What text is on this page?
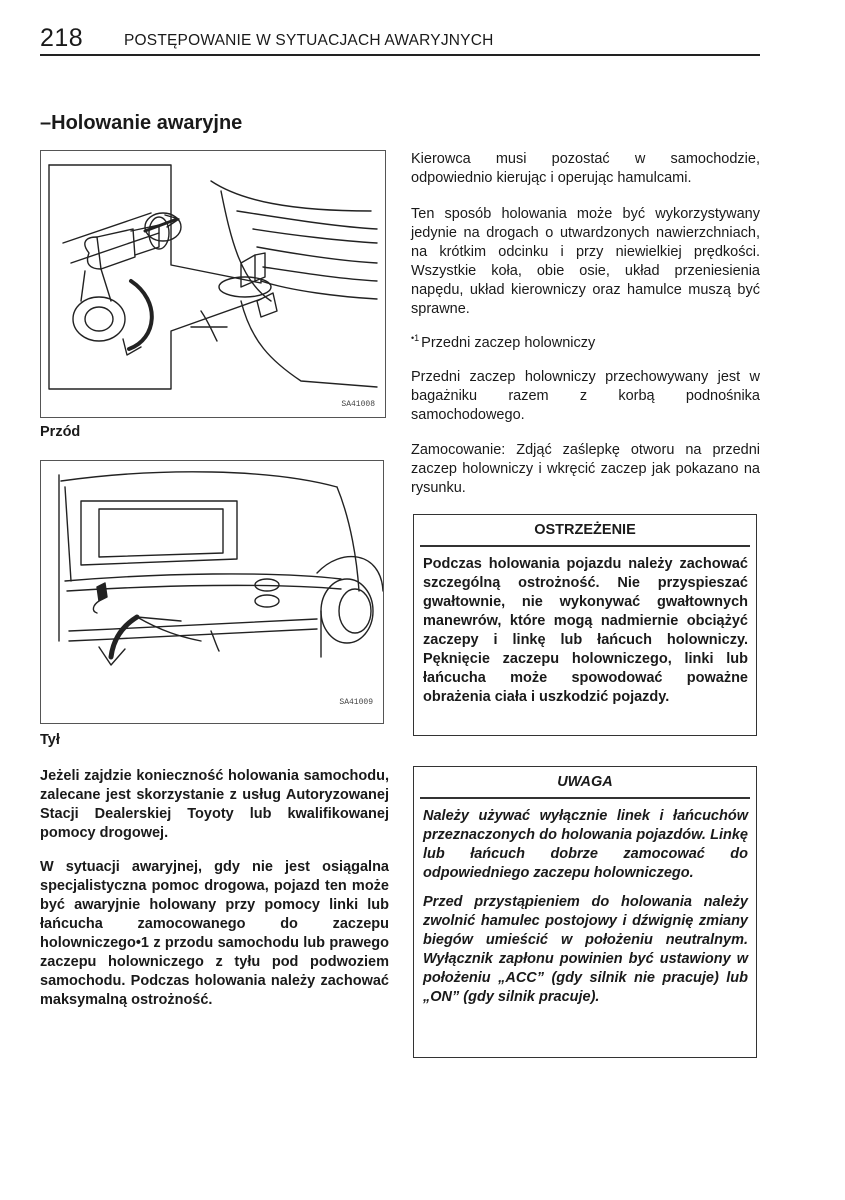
218	POSTĘPOWANIE W SYTUACJACH AWARYJNYCH
–Holowanie awaryjne
SA41008
Przód
SA41009
Tył

Jeżeli zajdzie konieczność holowania samochodu, zalecane jest skorzystanie z usług Autoryzowanej Stacji Dealerskiej Toyoty lub kwalifikowanej pomocy drogowej.

W sytuacji awaryjnej, gdy nie jest osiągalna specjalistyczna pomoc drogowa, pojazd ten może być awaryjnie holowany przy pomocy linki lub łańcucha zamocowanego do zaczepu holowniczego•1 z przodu samochodu lub prawego zaczepu holowniczego z tyłu pod podwoziem samochodu. Podczas holowania należy zachować maksymalną ostrożność.

Kierowca musi pozostać w samochodzie, odpowiednio kierując i operując hamulcami.

Ten sposób holowania może być wykorzystywany jedynie na drogach o utwardzonych nawierzchniach, na krótkim odcinku i przy niewielkiej prędkości. Wszystkie koła, obie osie, układ przeniesienia napędu, układ kierowniczy oraz hamulce muszą być sprawne.

$^{•1}$ Przedni zaczep holowniczy

Przedni zaczep holowniczy przechowywany jest w bagażniku razem z korbą podnośnika samochodowego.

Zamocowanie: Zdjąć zaślepkę otworu na przedni zaczep holowniczy i wkręcić zaczep jak pokazano na rysunku.

OSTRZEŻENIE

Podczas holowania pojazdu należy zachować szczególną ostrożność. Nie przyspieszać gwałtownie, nie wykonywać gwałtownych manewrów, które mogą nadmiernie obciążyć zaczepy i linkę lub łańcuch holowniczy. Pęknięcie zaczepu holowniczego, linki lub łańcucha może spowodować poważne obrażenia ciała i uszkodzić pojazdy.

UWAGA

Należy używać wyłącznie linek i łańcuchów przeznaczonych do holowania pojazdów. Linkę lub łańcuch dobrze zamocować do odpowiedniego zaczepu holowniczego.

Przed przystąpieniem do holowania należy zwolnić hamulec postojowy i dźwignię zmiany biegów umieścić w położeniu neutralnym. Wyłącznik zapłonu powinien być ustawiony w położeniu „ACC” (gdy silnik nie pracuje) lub „ON” (gdy silnik pracuje).
